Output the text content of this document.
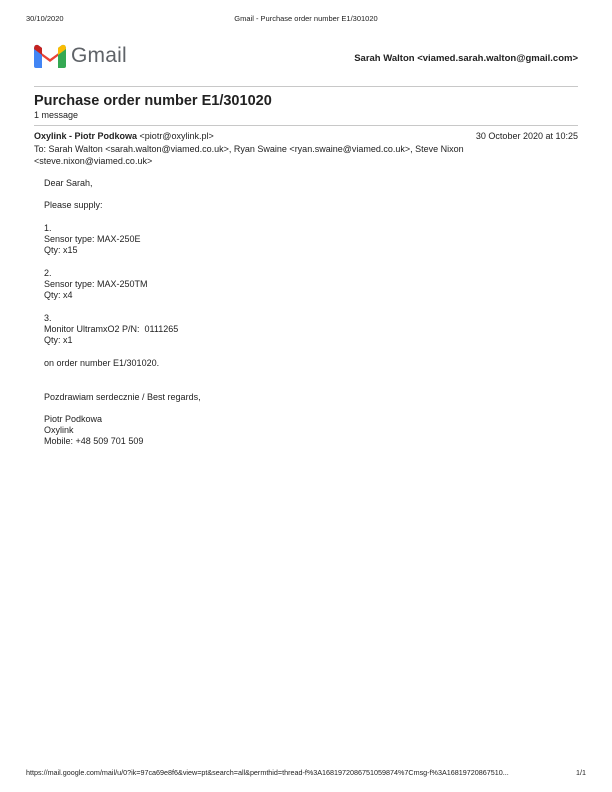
30/10/2020	Gmail - Purchase order number E1/301020
Gmail	Sarah Walton <viamed.sarah.walton@gmail.com>
Purchase order number E1/301020
1 message
Oxylink - Piotr Podkowa <piotr@oxylink.pl>	30 October 2020 at 10:25
To: Sarah Walton <sarah.walton@viamed.co.uk>, Ryan Swaine <ryan.swaine@viamed.co.uk>, Steve Nixon <steve.nixon@viamed.co.uk>
Dear Sarah,
Please supply:
1.
Sensor type: MAX-250E
Qty: x15
2.
Sensor type: MAX-250TM
Qty: x4
3.
Monitor UltramxO2 P/N:  0111265
Qty: x1
on order number E1/301020.
Pozdrawiam serdecznie / Best regards,
Piotr Podkowa
Oxylink
Mobile: +48 509 701 509
https://mail.google.com/mail/u/0?ik=97ca69e8f6&view=pt&search=all&permthid=thread-f%3A1681972086751059874%7Cmsg-f%3A16819720867510...	1/1
